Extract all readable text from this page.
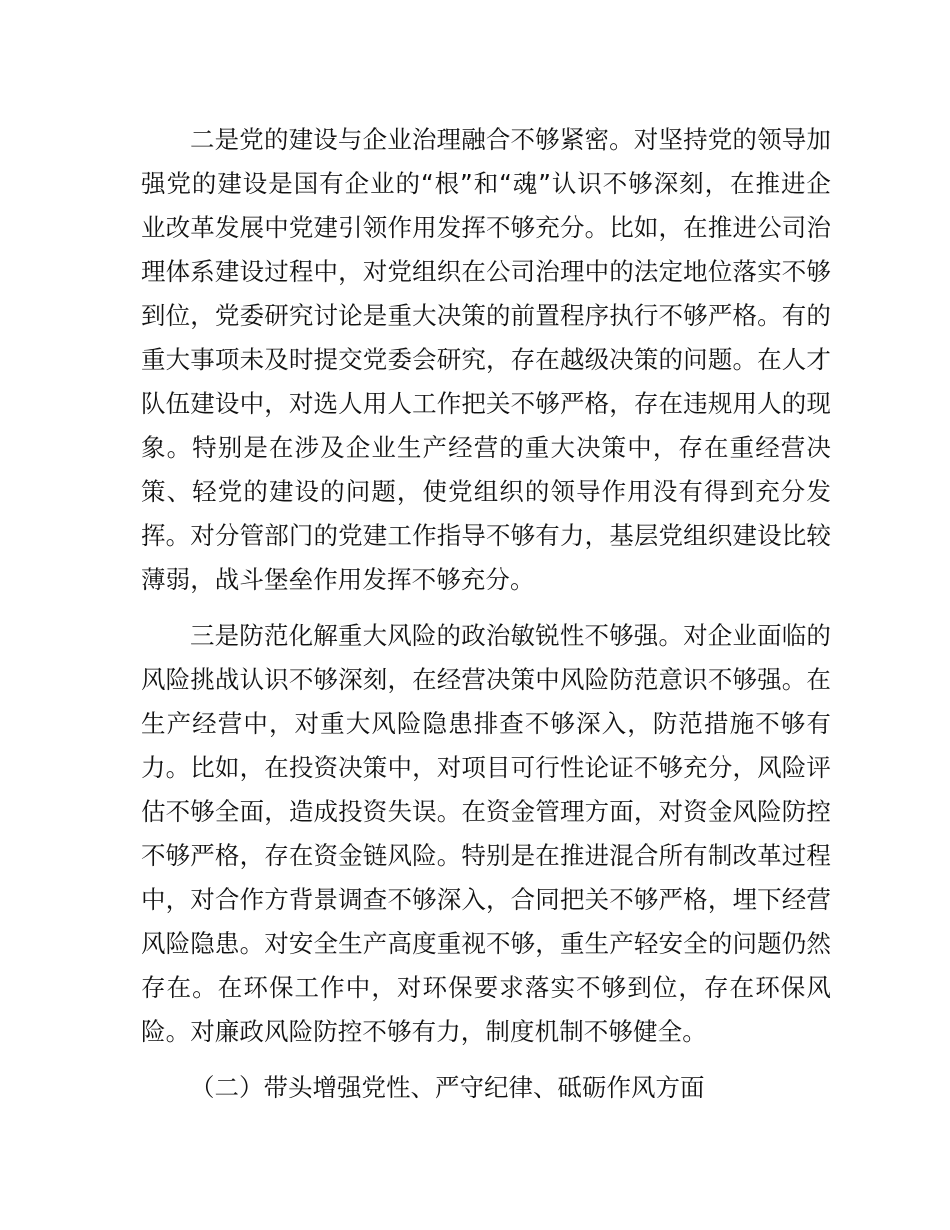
二是党的建设与企业治理融合不够紧密。对坚持党的领导加强党的建设是国有企业的“根”和“魂”认识不够深刻，在推进企业改革发展中党建引领作用发挥不够充分。比如，在推进公司治理体系建设过程中，对党组织在公司治理中的法定地位落实不够到位，党委研究讨论是重大决策的前置程序执行不够严格。有的重大事项未及时提交党委会研究，存在越级决策的问题。在人才队伍建设中，对选人用人工作把关不够严格，存在违规用人的现象。特别是在涉及企业生产经营的重大决策中，存在重经营决策、轻党的建设的问题，使党组织的领导作用没有得到充分发挥。对分管部门的党建工作指导不够有力，基层党组织建设比较薄弱，战斗堡垒作用发挥不够充分。

三是防范化解重大风险的政治敏锐性不够强。对企业面临的风险挑战认识不够深刻，在经营决策中风险防范意识不够强。在生产经营中，对重大风险隐患排查不够深入，防范措施不够有力。比如，在投资决策中，对项目可行性论证不够充分，风险评估不够全面，造成投资失误。在资金管理方面，对资金风险防控不够严格，存在资金链风险。特别是在推进混合所有制改革过程中，对合作方背景调查不够深入，合同把关不够严格，埋下经营风险隐患。对安全生产高度重视不够，重生产轻安全的问题仍然存在。在环保工作中，对环保要求落实不够到位，存在环保风险。对廉政风险防控不够有力，制度机制不够健全。

（二）带头增强党性、严守纪律、砥砺作风方面
